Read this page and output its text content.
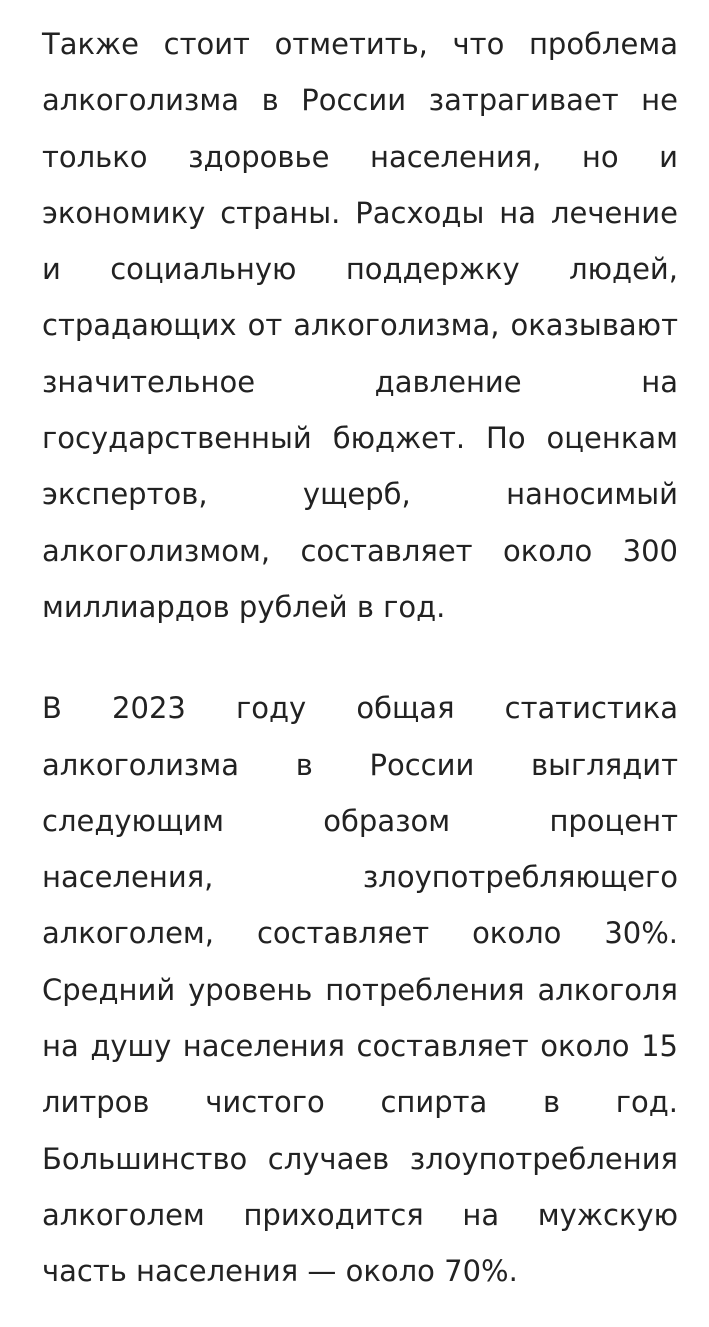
Также стоит отметить, что проблема алкоголизма в России затрагивает не только здоровье населения, но и экономику страны. Расходы на лечение и социальную поддержку людей, страдающих от алкоголизма, оказывают значительное давление на государственный бюджет. По оценкам экспертов, ущерб, наносимый алкоголизмом, составляет около 300 миллиардов рублей в год.

В 2023 году общая статистика алкоголизма в России выглядит следующим образом процент населения, злоупотребляющего алкоголем, составляет около 30%. Средний уровень потребления алкоголя на душу населения составляет около 15 литров чистого спирта в год. Большинство случаев злоупотребления алкоголем приходится на мужскую часть населения — около 70%.
